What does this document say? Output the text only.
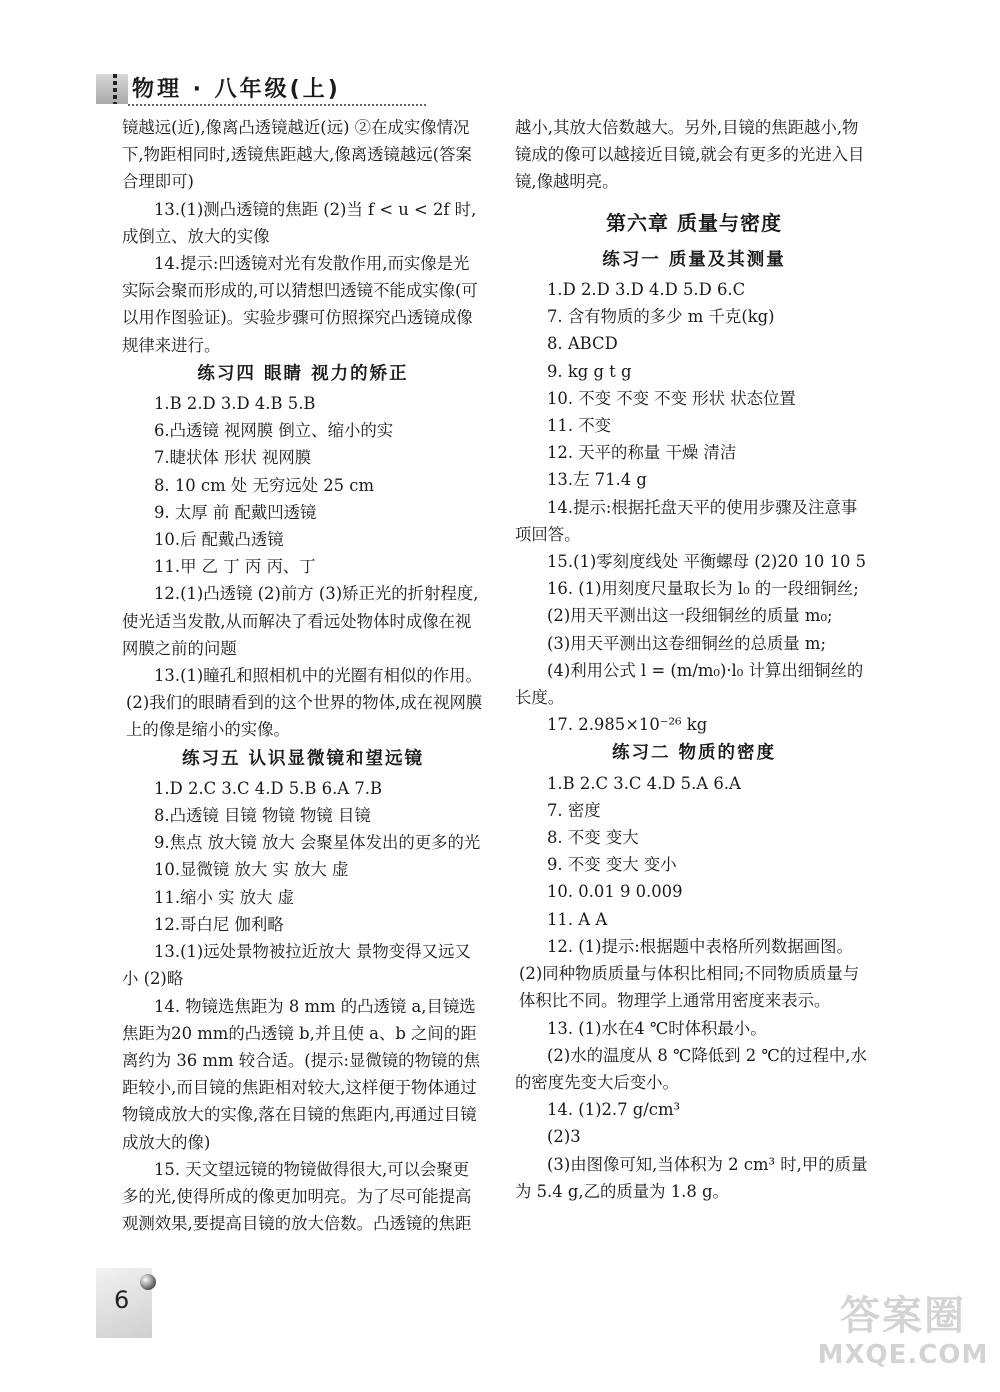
物理 · 八年级(上)

镜越远(近),像离凸透镜越近(远) ②在成实像情况下,物距相同时,透镜焦距越大,像离透镜越远(答案合理即可)

13.(1)测凸透镜的焦距 (2)当 f < u < 2f 时,成倒立、放大的实像

14.提示:凹透镜对光有发散作用,而实像是光实际会聚而形成的,可以猜想凹透镜不能成实像(可以用作图验证)。实验步骤可仿照探究凸透镜成像规律来进行。

练习四 眼睛 视力的矫正

1.B 2.D 3.D 4.B 5.B

6.凸透镜 视网膜 倒立、缩小的实

7.睫状体 形状 视网膜

8. 10 cm 处 无穷远处 25 cm

9. 太厚 前 配戴凹透镜

10.后 配戴凸透镜

11.甲 乙 丁 丙 丙、丁

12.(1)凸透镜 (2)前方 (3)矫正光的折射程度,使光适当发散,从而解决了看远处物体时成像在视网膜之前的问题

13.(1)瞳孔和照相机中的光圈有相似的作用。

(2)我们的眼睛看到的这个世界的物体,成在视网膜上的像是缩小的实像。

练习五 认识显微镜和望远镜

1.D 2.C 3.C 4.D 5.B 6.A 7.B

8.凸透镜 目镜 物镜 物镜 目镜

9.焦点 放大镜 放大 会聚星体发出的更多的光

10.显微镜 放大 实 放大 虚

11.缩小 实 放大 虚

12.哥白尼 伽利略

13.(1)远处景物被拉近放大 景物变得又远又小 (2)略

14. 物镜选焦距为 8 mm 的凸透镜 a,目镜选焦距为20 mm的凸透镜 b,并且使 a、b 之间的距离约为 36 mm 较合适。(提示:显微镜的物镜的焦距较小,而目镜的焦距相对较大,这样便于物体通过物镜成放大的实像,落在目镜的焦距内,再通过目镜成放大的像)

15. 天文望远镜的物镜做得很大,可以会聚更多的光,使得所成的像更加明亮。为了尽可能提高观测效果,要提高目镜的放大倍数。凸透镜的焦距

越小,其放大倍数越大。另外,目镜的焦距越小,物镜成的像可以越接近目镜,就会有更多的光进入目镜,像越明亮。

第六章 质量与密度

练习一 质量及其测量

1.D 2.D 3.D 4.D 5.D 6.C

7. 含有物质的多少 m 千克(kg)

8. ABCD

9. kg g t g

10. 不变 不变 不变 形状 状态位置

11. 不变

12. 天平的称量 干燥 清洁

13.左 71.4 g

14.提示:根据托盘天平的使用步骤及注意事项回答。

15.(1)零刻度线处 平衡螺母 (2)20 10 10 5

16. (1)用刻度尺量取长为 l₀ 的一段细铜丝;

(2)用天平测出这一段细铜丝的质量 m₀;

(3)用天平测出这卷细铜丝的总质量 m;

(4)利用公式 l = (m/m₀)·l₀ 计算出细铜丝的长度。

17. 2.985×10⁻²⁶ kg

练习二 物质的密度

1.B 2.C 3.C 4.D 5.A 6.A

7. 密度

8. 不变 变大

9. 不变 变大 变小

10. 0.01 9 0.009

11. A A

12. (1)提示:根据题中表格所列数据画图。

(2)同种物质质量与体积比相同;不同物质质量与体积比不同。物理学上通常用密度来表示。

13. (1)水在4 ℃时体积最小。

(2)水的温度从 8 ℃降低到 2 ℃的过程中,水的密度先变大后变小。

14. (1)2.7 g/cm³

(2)3

(3)由图像可知,当体积为 2 cm³ 时,甲的质量为 5.4 g,乙的质量为 1.8 g。

6	答案圈
MXQE.COM
